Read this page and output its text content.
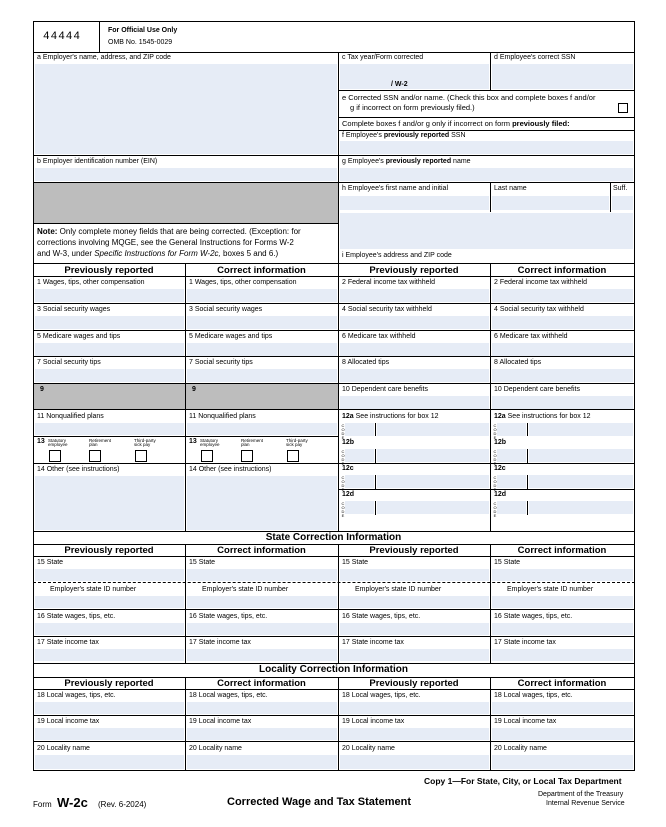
44444
For Official Use Only
OMB No. 1545-0029
a Employer's name, address, and ZIP code	c Tax year/Form corrected
/ W-2
d Employee's correct SSN
e Corrected SSN and/or name. (Check this box and complete boxes f and/or
g if incorrect on form previously filed.)
Complete boxes f and/or g only if incorrect on form previously filed:
f Employee's previously reported SSN
b Employer identification number (EIN)	g Employee's previously reported name
h Employee's first name and initial	Last name	Suff.
Note: Only complete money fields that are being corrected. (Exception: for
corrections involving MQGE, see the General Instructions for Forms W-2
and W-3, under Specific Instructions for Form W-2c, boxes 5 and 6.)	i Employee's address and ZIP code
Previously reported	Correct information	Previously reported	Correct information
1 Wages, tips, other compensation	1 Wages, tips, other compensation	2 Federal income tax withheld	2 Federal income tax withheld
3 Social security wages	3 Social security wages	4 Social security tax withheld	4 Social security tax withheld
5 Medicare wages and tips	5 Medicare wages and tips	6 Medicare tax withheld	6 Medicare tax withheld
7 Social security tips	7 Social security tips	8 Allocated tips	8 Allocated tips
9	9	10 Dependent care benefits	10 Dependent care benefits
11 Nonqualified plans	11 Nonqualified plans	12a See instructions for box 12	12a See instructions for box 12
13 Statutory
employee
Retirement
plan
Third-party
sick pay	13 Statutory
employee
Retirement
plan
Third-party
sick pay	12b	12b
14 Other (see instructions)	14 Other (see instructions)	12c	12c
12d	12d
CODE
CODE
CODE
CODE
CODE
CODE
CODE
CODE
State Correction Information
Previously reported	Correct information	Previously reported	Correct information
15 State	15 State	15 State	15 State
Employer's state ID number	Employer's state ID number	Employer's state ID number	Employer's state ID number
16 State wages, tips, etc.	16 State wages, tips, etc.	16 State wages, tips, etc.	16 State wages, tips, etc.
17 State income tax	17 State income tax	17 State income tax	17 State income tax
Locality Correction Information
Previously reported	Correct information	Previously reported	Correct information
18 Local wages, tips, etc.	18 Local wages, tips, etc.	18 Local wages, tips, etc.	18 Local wages, tips, etc.
19 Local income tax	19 Local income tax	19 Local income tax	19 Local income tax
20 Locality name	20 Locality name	20 Locality name	20 Locality name
Copy 1—For State, City, or Local Tax Department
Form W-2c (Rev. 6-2024)	Corrected Wage and Tax Statement
Department of the Treasury
Internal Revenue Service
